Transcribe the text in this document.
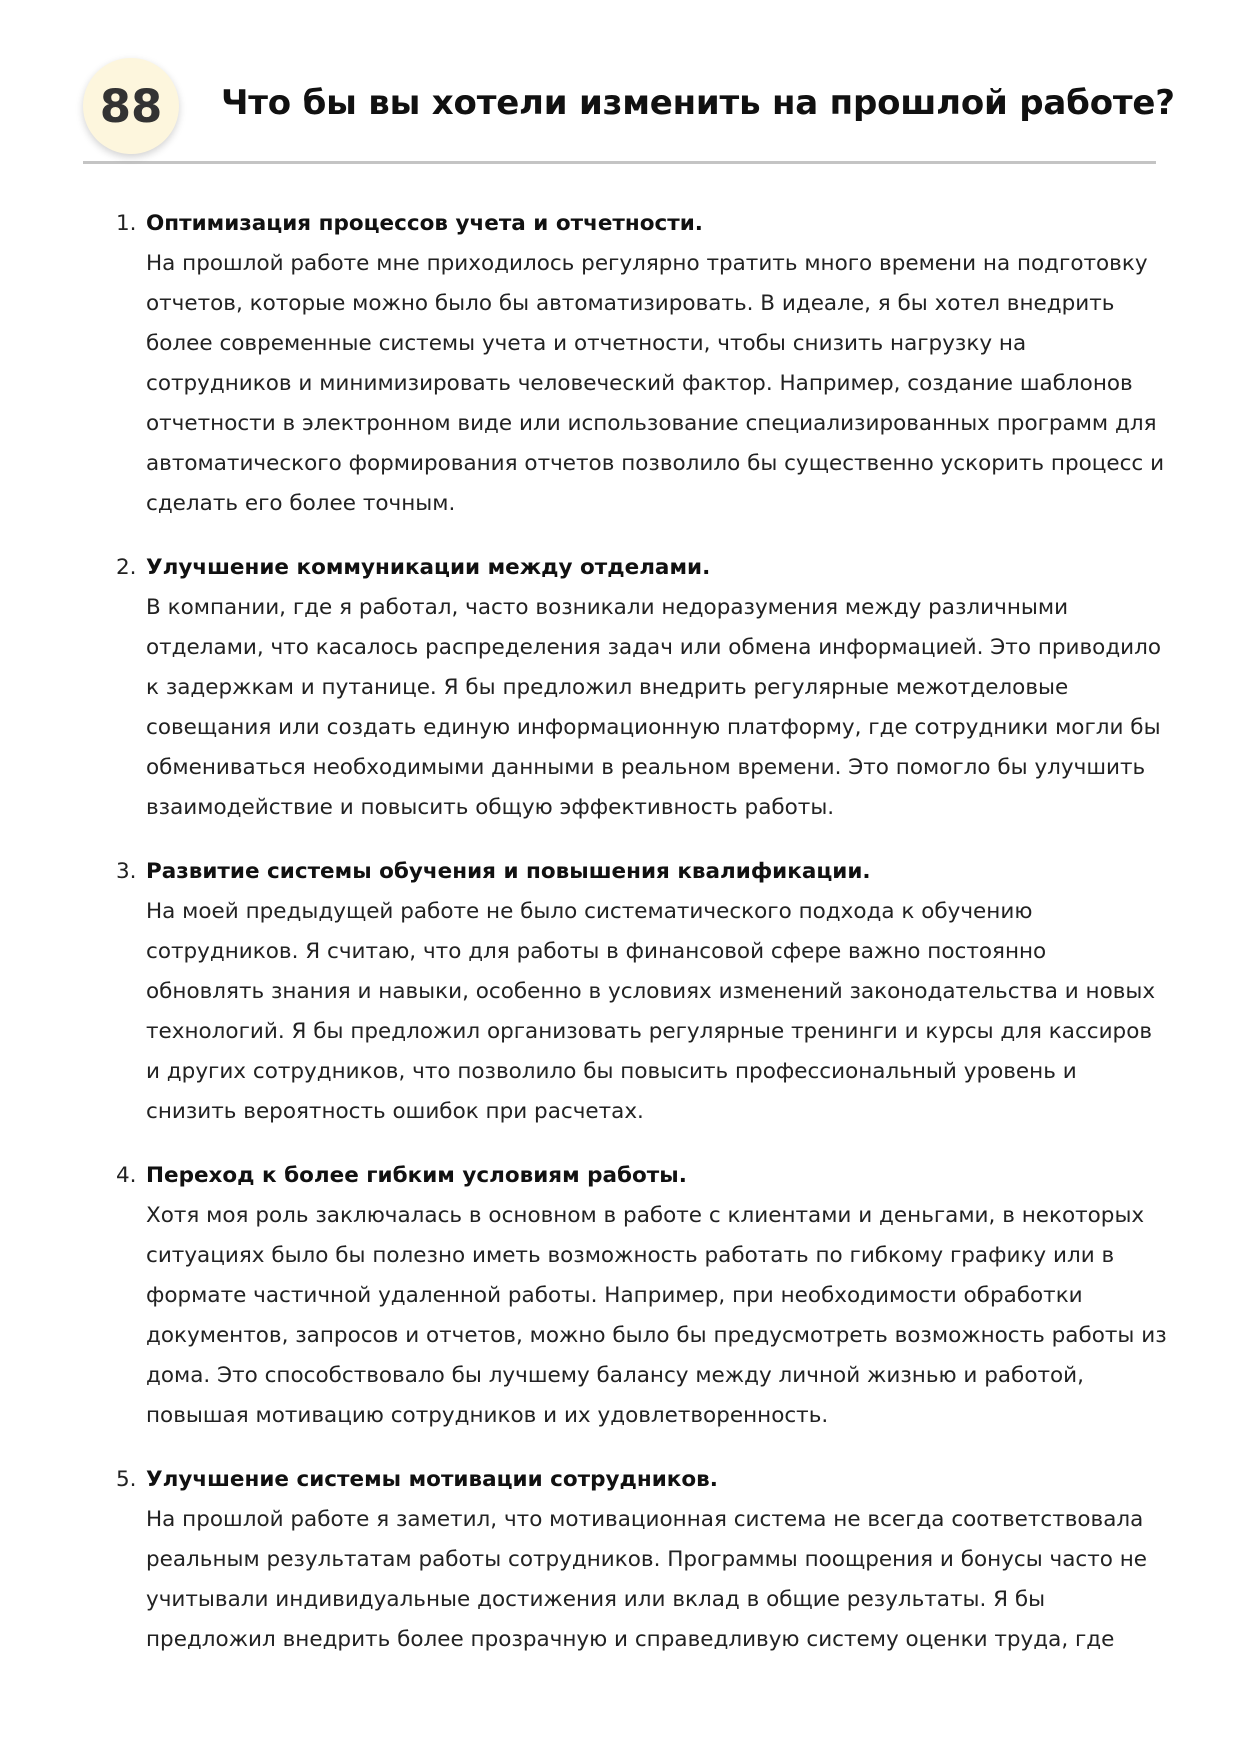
88	Что бы вы хотели изменить на прошлой работе?
1. Оптимизация процессов учета и отчетности.
На прошлой работе мне приходилось регулярно тратить много времени на подготовку отчетов, которые можно было бы автоматизировать. В идеале, я бы хотел внедрить более современные системы учета и отчетности, чтобы снизить нагрузку на сотрудников и минимизировать человеческий фактор. Например, создание шаблонов отчетности в электронном виде или использование специализированных программ для автоматического формирования отчетов позволило бы существенно ускорить процесс и сделать его более точным.
2. Улучшение коммуникации между отделами.
В компании, где я работал, часто возникали недоразумения между различными отделами, что касалось распределения задач или обмена информацией. Это приводило к задержкам и путанице. Я бы предложил внедрить регулярные межотделовые совещания или создать единую информационную платформу, где сотрудники могли бы обмениваться необходимыми данными в реальном времени. Это помогло бы улучшить взаимодействие и повысить общую эффективность работы.
3. Развитие системы обучения и повышения квалификации.
На моей предыдущей работе не было систематического подхода к обучению сотрудников. Я считаю, что для работы в финансовой сфере важно постоянно обновлять знания и навыки, особенно в условиях изменений законодательства и новых технологий. Я бы предложил организовать регулярные тренинги и курсы для кассиров и других сотрудников, что позволило бы повысить профессиональный уровень и снизить вероятность ошибок при расчетах.
4. Переход к более гибким условиям работы.
Хотя моя роль заключалась в основном в работе с клиентами и деньгами, в некоторых ситуациях было бы полезно иметь возможность работать по гибкому графику или в формате частичной удаленной работы. Например, при необходимости обработки документов, запросов и отчетов, можно было бы предусмотреть возможность работы из дома. Это способствовало бы лучшему балансу между личной жизнью и работой, повышая мотивацию сотрудников и их удовлетворенность.
5. Улучшение системы мотивации сотрудников.
На прошлой работе я заметил, что мотивационная система не всегда соответствовала реальным результатам работы сотрудников. Программы поощрения и бонусы часто не учитывали индивидуальные достижения или вклад в общие результаты. Я бы предложил внедрить более прозрачную и справедливую систему оценки труда, где
